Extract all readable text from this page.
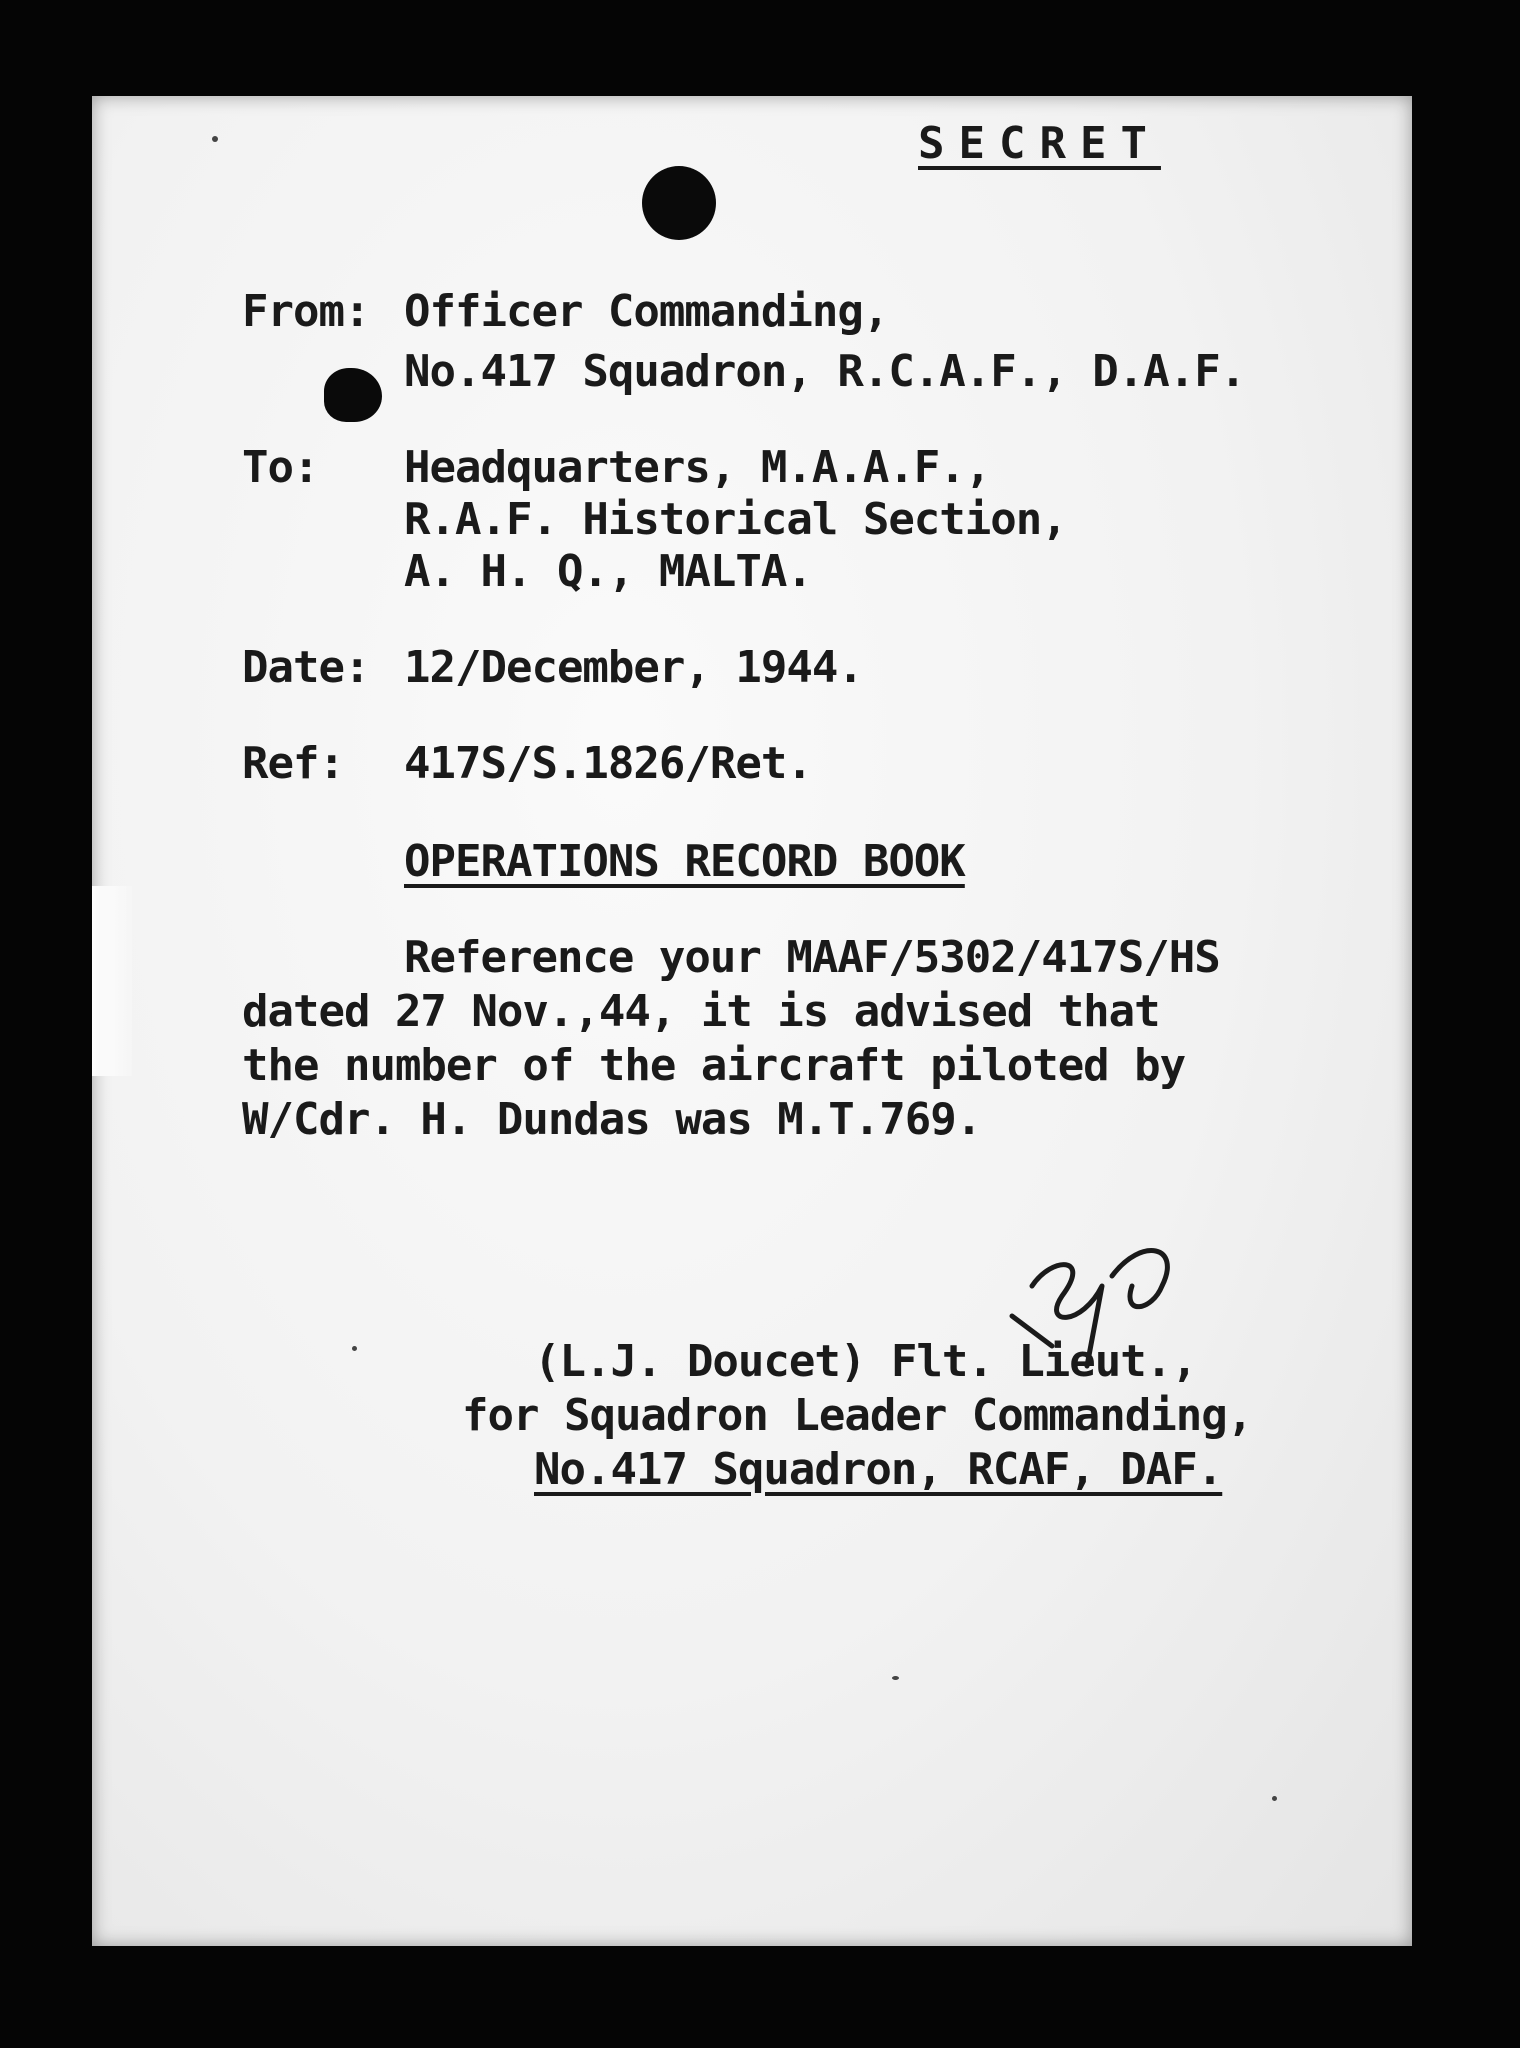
SECRET
From: Officer Commanding,
No.417 Squadron, R.C.A.F., D.A.F.
To: Headquarters, M.A.A.F.,
R.A.F. Historical Section,
A. H. Q., MALTA.
Date: 12/December, 1944.
Ref: 417S/S.1826/Ret.
OPERATIONS RECORD BOOK
Reference your MAAF/5302/417S/HS
dated 27 Nov.,44, it is advised that
the number of the aircraft piloted by
W/Cdr. H. Dundas was M.T.769.
(L.J. Doucet) Flt. Lieut.,
for Squadron Leader Commanding,
No.417 Squadron, RCAF, DAF.
